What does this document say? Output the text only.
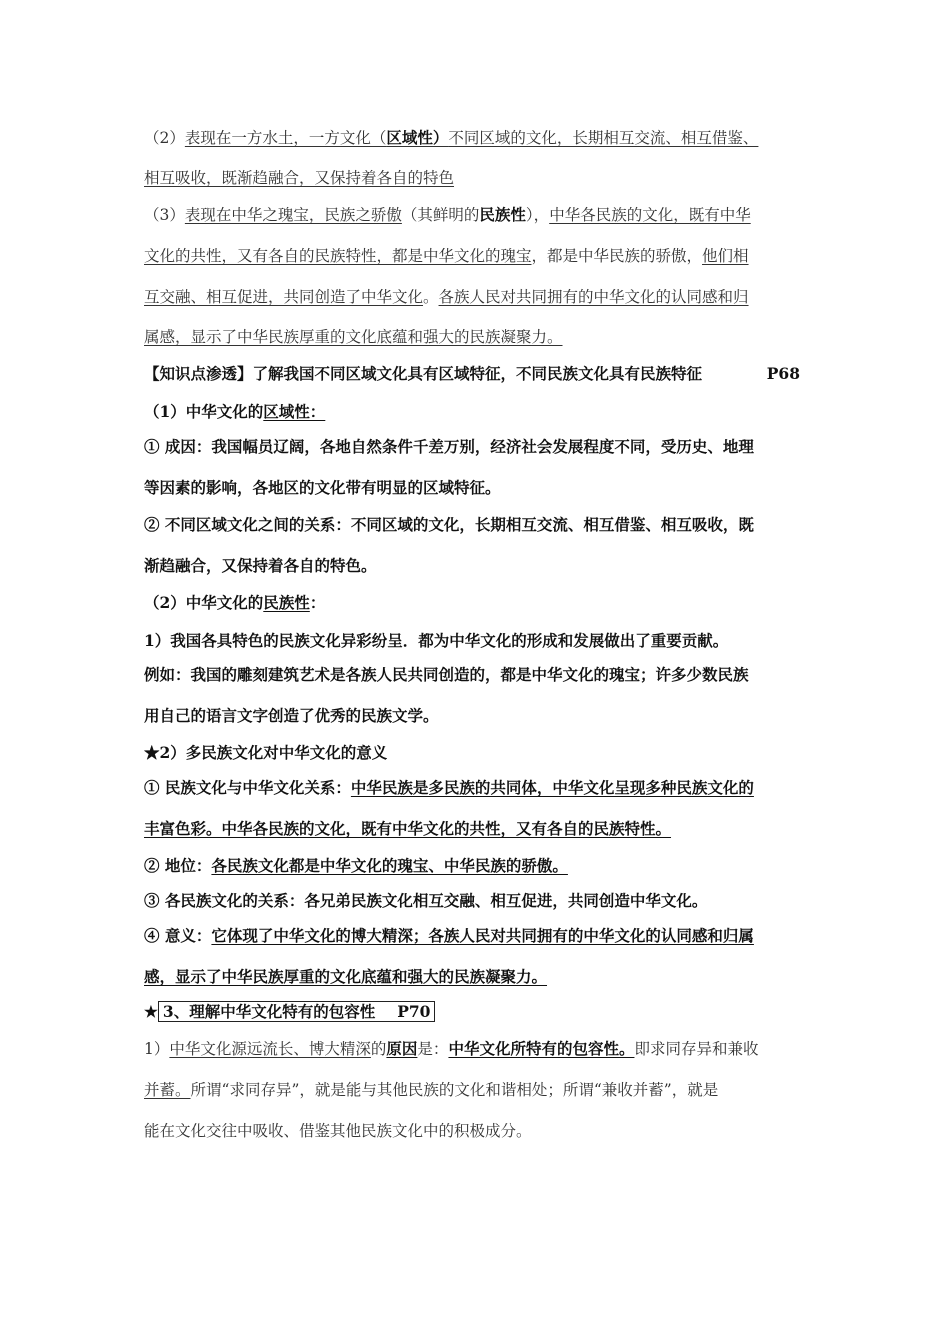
（2）表现在一方水土，一方文化（区域性）不同区域的文化，长期相互交流、相互借鉴、
相互吸收，既渐趋融合，又保持着各自的特色
（3）表现在中华之瑰宝，民族之骄傲（其鲜明的民族性），中华各民族的文化，既有中华
文化的共性，又有各自的民族特性，都是中华文化的瑰宝，都是中华民族的骄傲，他们相
互交融、相互促进，共同创造了中华文化。各族人民对共同拥有的中华文化的认同感和归
属感，显示了中华民族厚重的文化底蕴和强大的民族凝聚力。
【知识点渗透】了解我国不同区域文化具有区域特征，不同民族文化具有民族特征	P68
（1）中华文化的区域性：
① 成因：我国幅员辽阔，各地自然条件千差万别，经济社会发展程度不同，受历史、地理
等因素的影响，各地区的文化带有明显的区域特征。
② 不同区域文化之间的关系：不同区域的文化，长期相互交流、相互借鉴、相互吸收，既
渐趋融合，又保持着各自的特色。
（2）中华文化的民族性：
1）我国各具特色的民族文化异彩纷呈．都为中华文化的形成和发展做出了重要贡献。
例如：我国的雕刻建筑艺术是各族人民共同创造的，都是中华文化的瑰宝；许多少数民族
用自己的语言文字创造了优秀的民族文学。
★2）多民族文化对中华文化的意义
① 民族文化与中华文化关系：中华民族是多民族的共同体，中华文化呈现多种民族文化的
丰富色彩。中华各民族的文化，既有中华文化的共性，又有各自的民族特性。
② 地位：各民族文化都是中华文化的瑰宝、中华民族的骄傲。
③ 各民族文化的关系：各兄弟民族文化相互交融、相互促进，共同创造中华文化。
④ 意义：它体现了中华文化的博大精深；各族人民对共同拥有的中华文化的认同感和归属
感，显示了中华民族厚重的文化底蕴和强大的民族凝聚力。
★ 3、理解中华文化特有的包容性 P70
1）中华文化源远流长、博大精深的原因是：中华文化所特有的包容性。即求同存异和兼收
并蓄。所谓“求同存异”，就是能与其他民族的文化和谐相处；所谓“兼收并蓄”，就是
能在文化交往中吸收、借鉴其他民族文化中的积极成分。
